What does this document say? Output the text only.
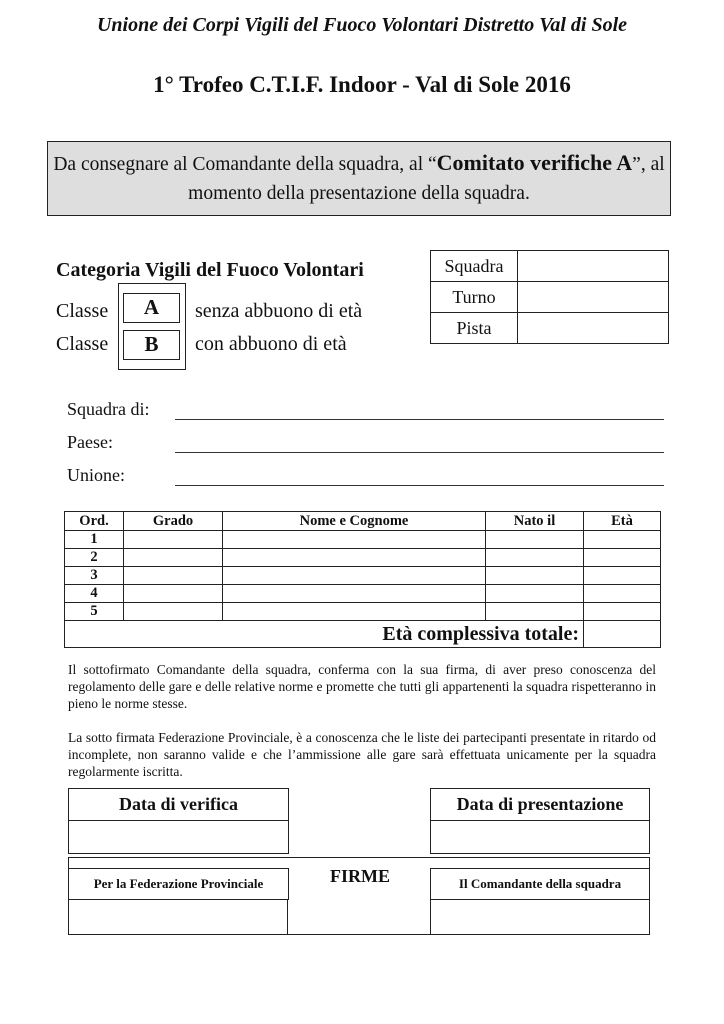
Unione dei Corpi Vigili del Fuoco Volontari Distretto Val di Sole
1° Trofeo C.T.I.F. Indoor - Val di Sole 2016
Da consegnare al Comandante della squadra, al “Comitato verifiche A”, al momento della presentazione della squadra.
Categoria Vigili del Fuoco Volontari
Classe
Classe
A
B
senza abbuono di età
con abbuono di età
Squadra	
Turno	
Pista	
Squadra di:
Paese:
Unione:
Ord.	Grado	Nome e Cognome	Nato il	Età
1				
2				
3				
4				
5				
Età complessiva totale:				
Il sottofirmato Comandante della squadra, conferma con la sua firma, di aver preso conoscenza del regolamento delle gare e delle relative norme e promette che tutti gli appartenenti la squadra rispetteranno in pieno le norme stesse.
La sotto firmata Federazione Provinciale, è a conoscenza che le liste dei partecipanti presentate in ritardo od incomplete, non saranno valide e che l’ammissione alle gare sarà effettuata unicamente per la squadra regolarmente iscritta.
Data di verifica	Data di presentazione
FIRME
Per la Federazione Provinciale	Il Comandante della squadra
